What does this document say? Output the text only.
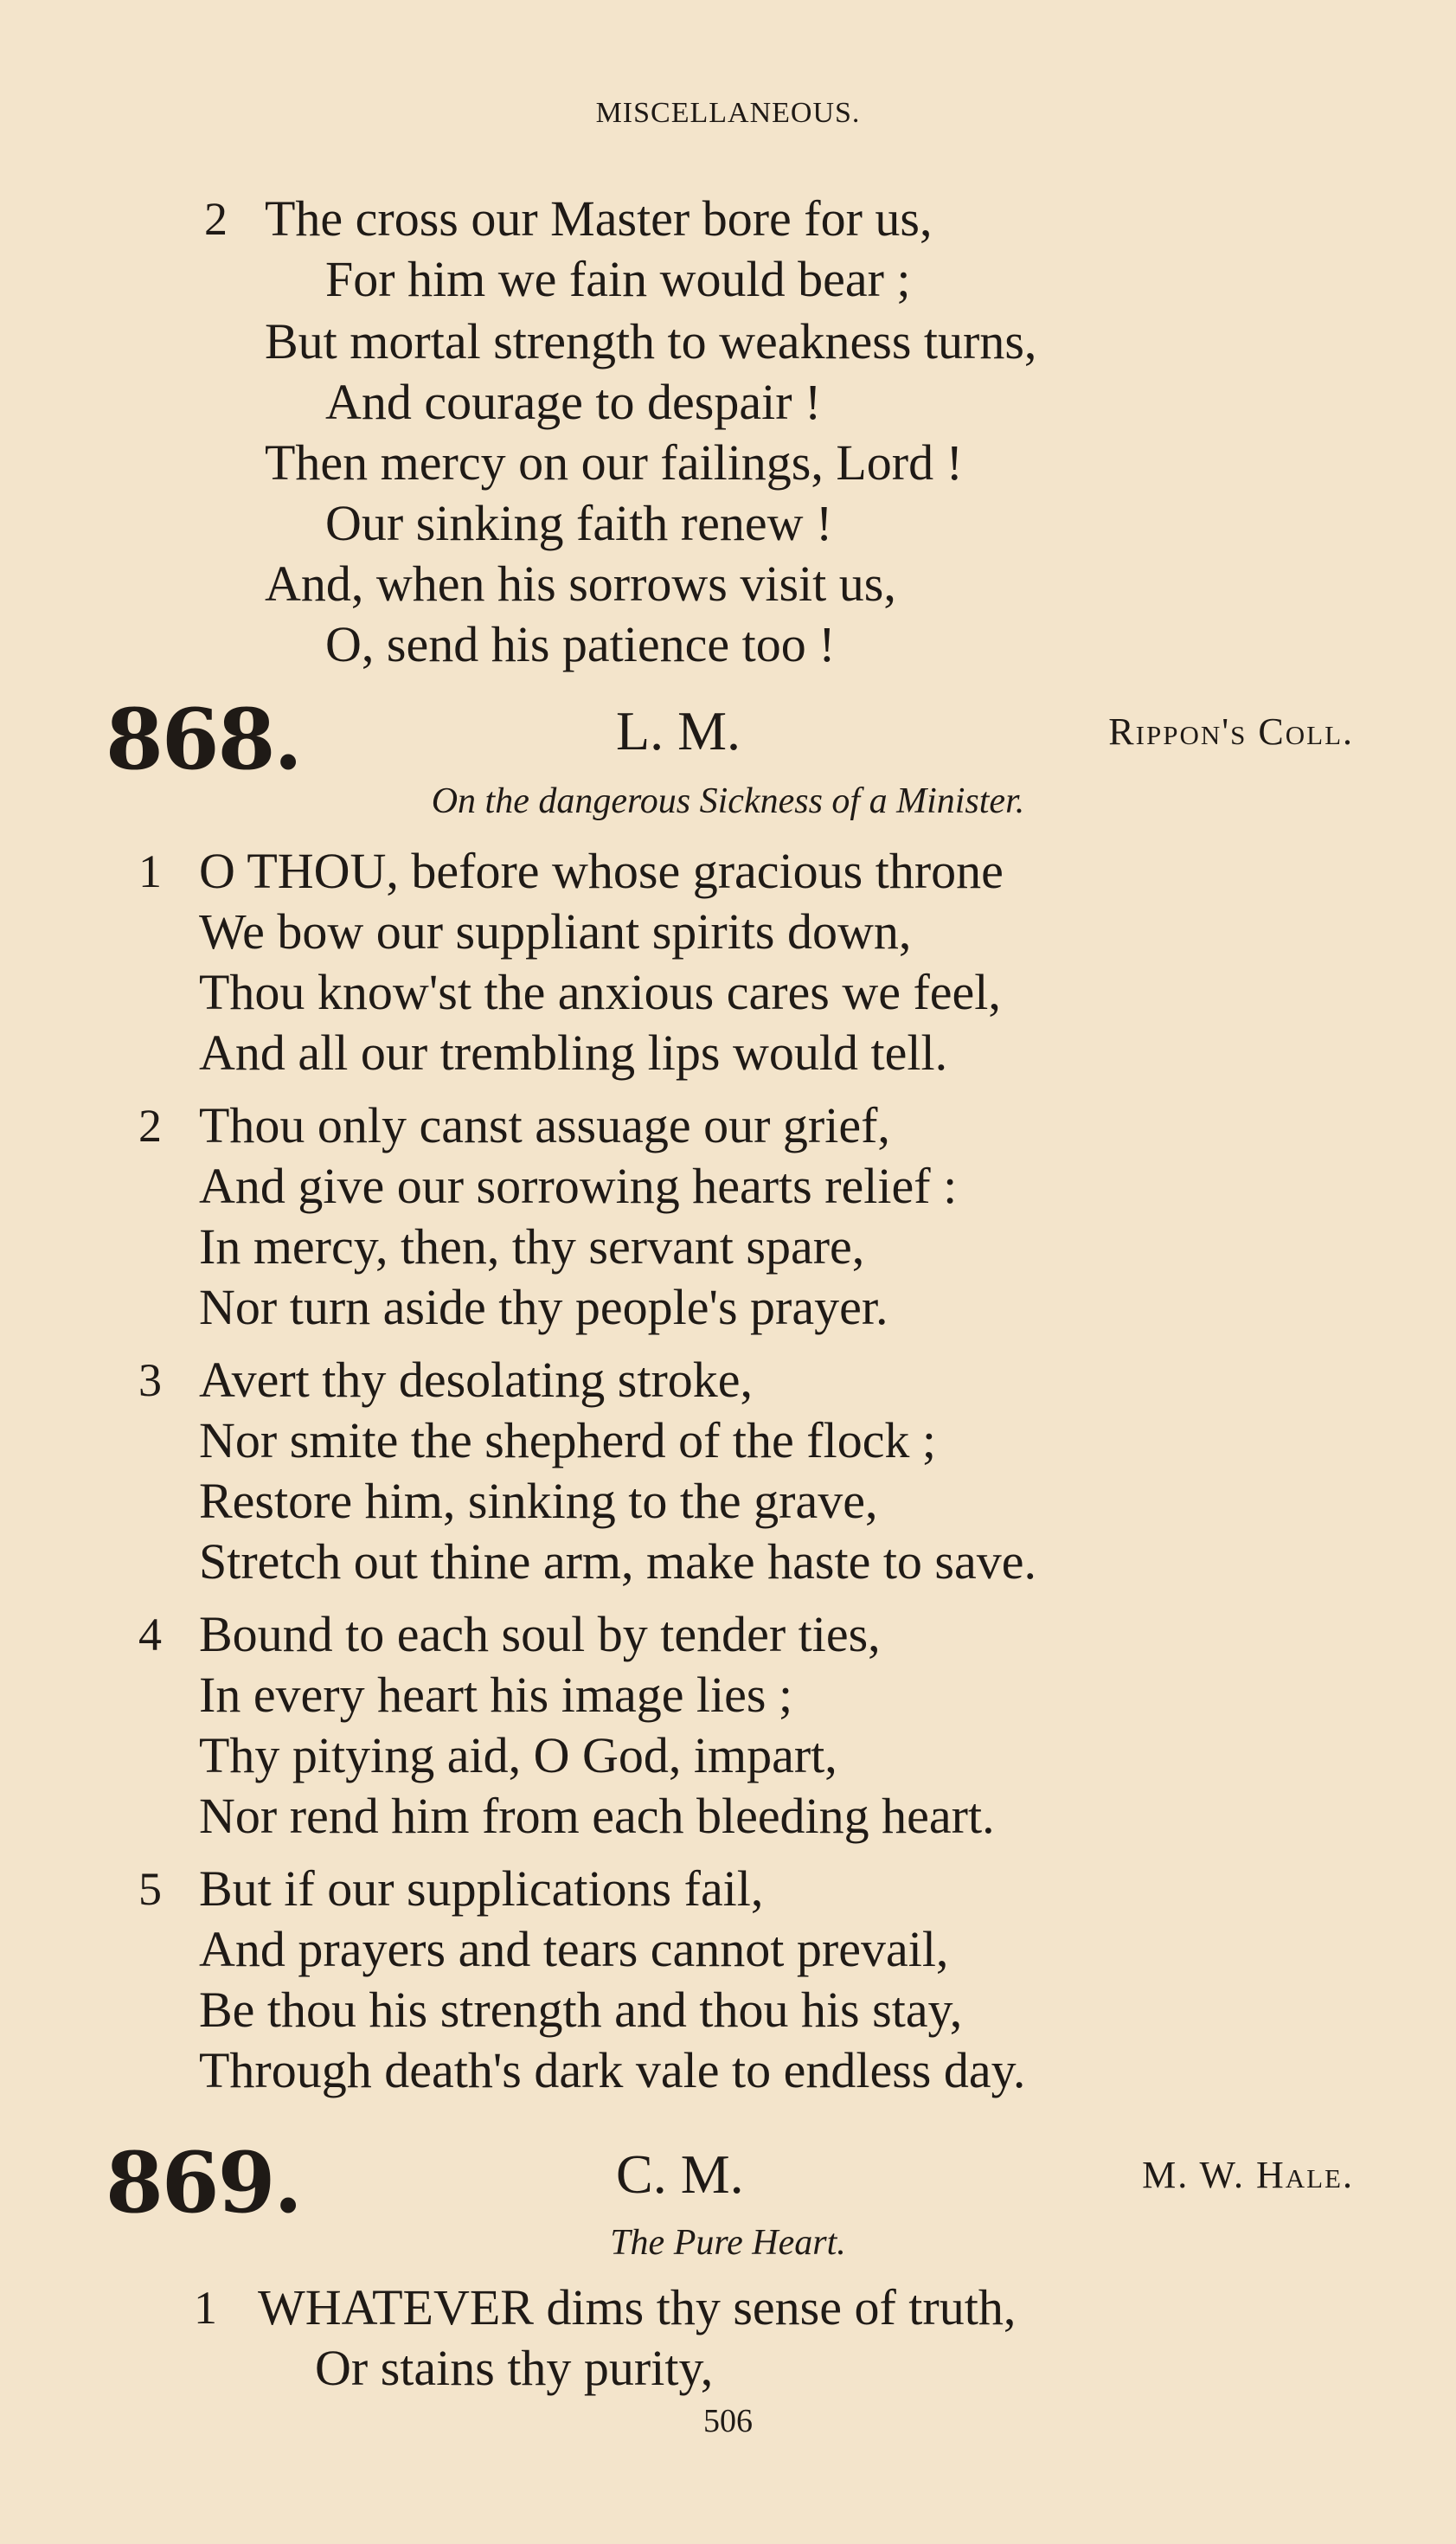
MISCELLANEOUS.
2 The cross our Master bore for us,
For him we fain would bear ;
But mortal strength to weakness turns,
And courage to despair !
Then mercy on our failings, Lord !
Our sinking faith renew !
And, when his sorrows visit us,
O, send his patience too !
868.	L. M.	Rippon's Coll.
On the dangerous Sickness of a Minister.
1 O THOU, before whose gracious throne
We bow our suppliant spirits down,
Thou know'st the anxious cares we feel,
And all our trembling lips would tell.
2 Thou only canst assuage our grief,
And give our sorrowing hearts relief :
In mercy, then, thy servant spare,
Nor turn aside thy people's prayer.
3 Avert thy desolating stroke,
Nor smite the shepherd of the flock ;
Restore him, sinking to the grave,
Stretch out thine arm, make haste to save.
4 Bound to each soul by tender ties,
In every heart his image lies ;
Thy pitying aid, O God, impart,
Nor rend him from each bleeding heart.
5 But if our supplications fail,
And prayers and tears cannot prevail,
Be thou his strength and thou his stay,
Through death's dark vale to endless day.
869.	C. M.	M. W. Hale.
The Pure Heart.
1 WHATEVER dims thy sense of truth,
Or stains thy purity,
506
